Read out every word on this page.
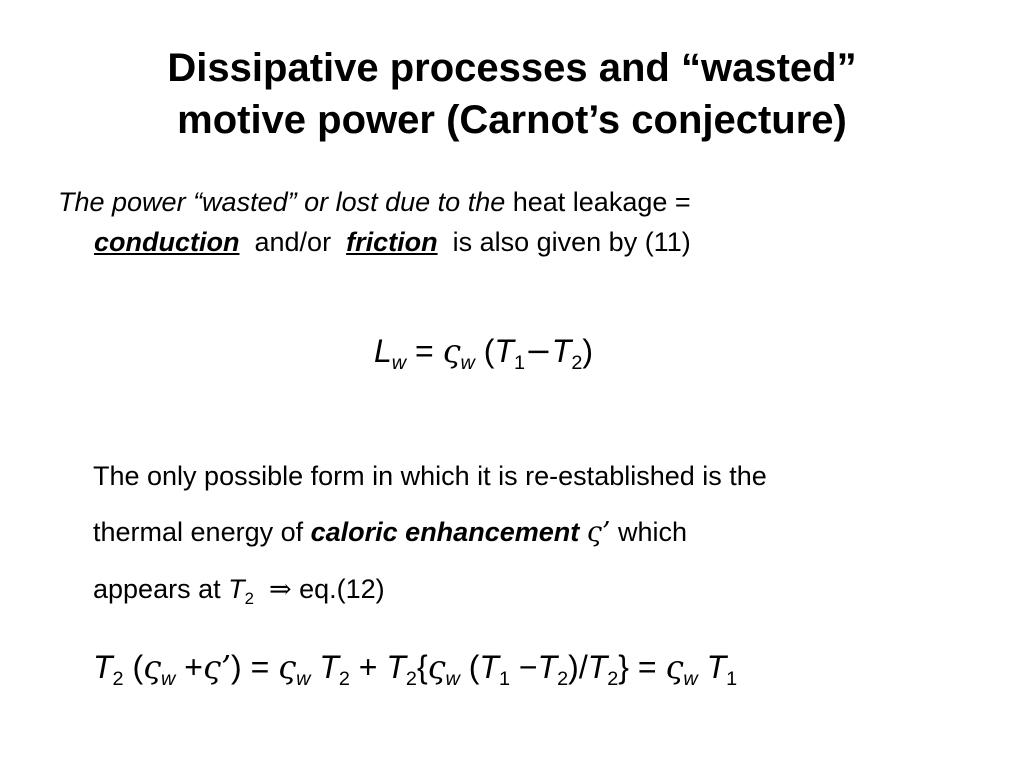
Dissipative processes and “wasted”
motive power (Carnot’s conjecture)
The power “wasted” or lost due to the heat leakage =
conduction and/or friction is also given by (11)
$L_w = \varsigma_w$ $(T_1-T_2)$
The only possible form in which it is re-established is the
thermal energy of caloric enhancement ς’ which
appears at $T_2$ ⇒ eq.(12)
$T_2$ ($\varsigma_w$ +ς’) = $\varsigma_w$ $T_2 + T_2\{\varsigma_w$ $(T_1 -T_2)/T_2\} = \varsigma_w$ $T_1$
